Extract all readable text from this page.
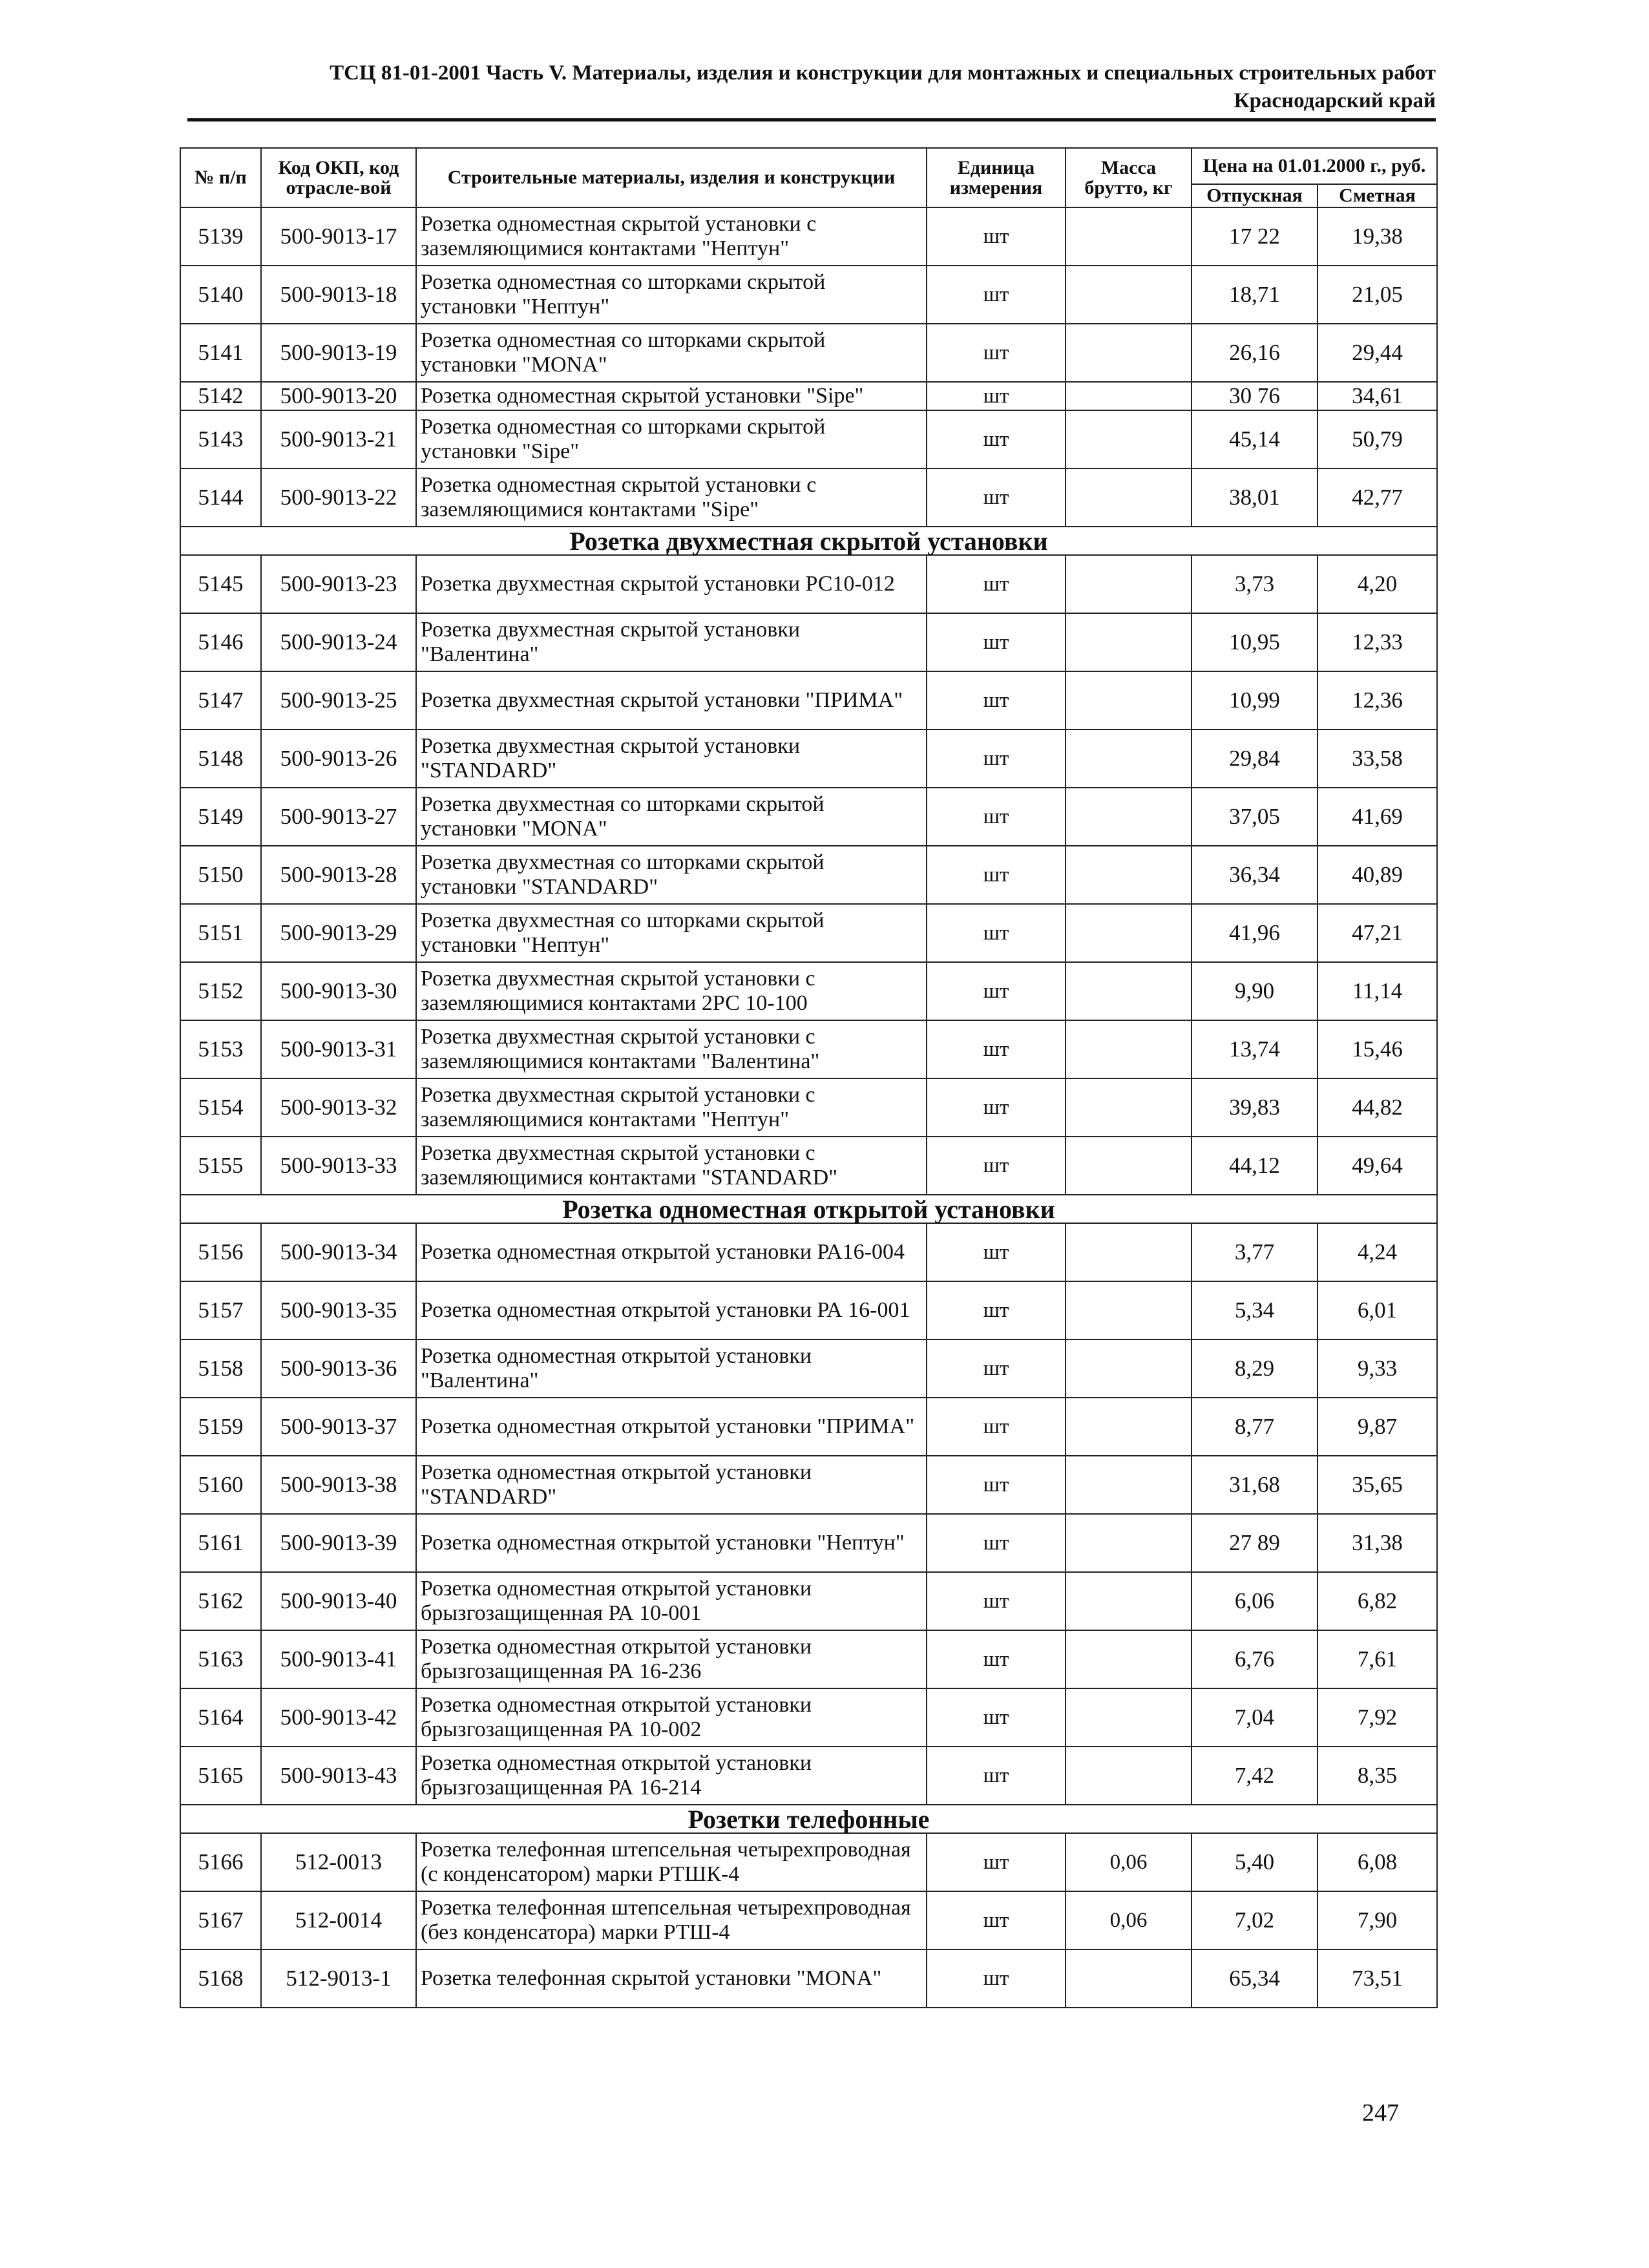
ТСЦ 81-01-2001 Часть V. Материалы, изделия и конструкции для монтажных и специальных строительных работ
Краснодарский край
№ п/п	Код ОКП, код отрасле-вой	Строительные материалы, изделия и конструкции	Единица измерения	Масса брутто, кг	Цена на 01.01.2000 г., руб.	
					Отпускная	Сметная
5139	500-9013-17	Розетка одноместная скрытой установки с заземляющимися контактами "Нептун"	шт		17 22	19,38
5140	500-9013-18	Розетка одноместная со шторками скрытой установки "Нептун"	шт		18,71	21,05
5141	500-9013-19	Розетка одноместная со шторками скрытой установки "MONA"	шт		26,16	29,44
5142	500-9013-20	Розетка одноместная скрытой установки "Sipe"	шт		30 76	34,61
5143	500-9013-21	Розетка одноместная со шторками скрытой установки "Sipe"	шт		45,14	50,79
5144	500-9013-22	Розетка одноместная скрытой установки с заземляющимися контактами "Sipe"	шт		38,01	42,77
Розетка двухместная скрытой установки						
5145	500-9013-23	Розетка двухместная скрытой установки РС10-012	шт		3,73	4,20
5146	500-9013-24	Розетка двухместная скрытой установки "Валентина"	шт		10,95	12,33
5147	500-9013-25	Розетка двухместная скрытой установки "ПРИМА"	шт		10,99	12,36
5148	500-9013-26	Розетка двухместная скрытой установки "STANDARD"	шт		29,84	33,58
5149	500-9013-27	Розетка двухместная со шторками скрытой установки "MONA"	шт		37,05	41,69
5150	500-9013-28	Розетка двухместная со шторками скрытой установки "STANDARD"	шт		36,34	40,89
5151	500-9013-29	Розетка двухместная со шторками скрытой установки "Нептун"	шт		41,96	47,21
5152	500-9013-30	Розетка двухместная скрытой установки с заземляющимися контактами 2РС 10-100	шт		9,90	11,14
5153	500-9013-31	Розетка двухместная скрытой установки с заземляющимися контактами "Валентина"	шт		13,74	15,46
5154	500-9013-32	Розетка двухместная скрытой установки с заземляющимися контактами "Нептун"	шт		39,83	44,82
5155	500-9013-33	Розетка двухместная скрытой установки с заземляющимися контактами "STANDARD"	шт		44,12	49,64
Розетка одноместная открытой установки						
5156	500-9013-34	Розетка одноместная открытой установки РА16-004	шт		3,77	4,24
5157	500-9013-35	Розетка одноместная открытой установки РА 16-001	шт		5,34	6,01
5158	500-9013-36	Розетка одноместная открытой установки "Валентина"	шт		8,29	9,33
5159	500-9013-37	Розетка одноместная открытой установки "ПРИМА"	шт		8,77	9,87
5160	500-9013-38	Розетка одноместная открытой установки "STANDARD"	шт		31,68	35,65
5161	500-9013-39	Розетка одноместная открытой установки "Нептун"	шт		27 89	31,38
5162	500-9013-40	Розетка одноместная открытой установки брызгозащищенная РА 10-001	шт		6,06	6,82
5163	500-9013-41	Розетка одноместная открытой установки брызгозащищенная РА 16-236	шт		6,76	7,61
5164	500-9013-42	Розетка одноместная открытой установки брызгозащищенная РА 10-002	шт		7,04	7,92
5165	500-9013-43	Розетка одноместная открытой установки брызгозащищенная РА 16-214	шт		7,42	8,35
Розетки телефонные						
5166	512-0013	Розетка телефонная штепсельная четырехпроводная (с конденсатором) марки РТШК-4	шт	0,06	5,40	6,08
5167	512-0014	Розетка телефонная штепсельная четырехпроводная (без конденсатора) марки РТШ-4	шт	0,06	7,02	7,90
5168	512-9013-1	Розетка телефонная скрытой установки "MONA"	шт		65,34	73,51
247
